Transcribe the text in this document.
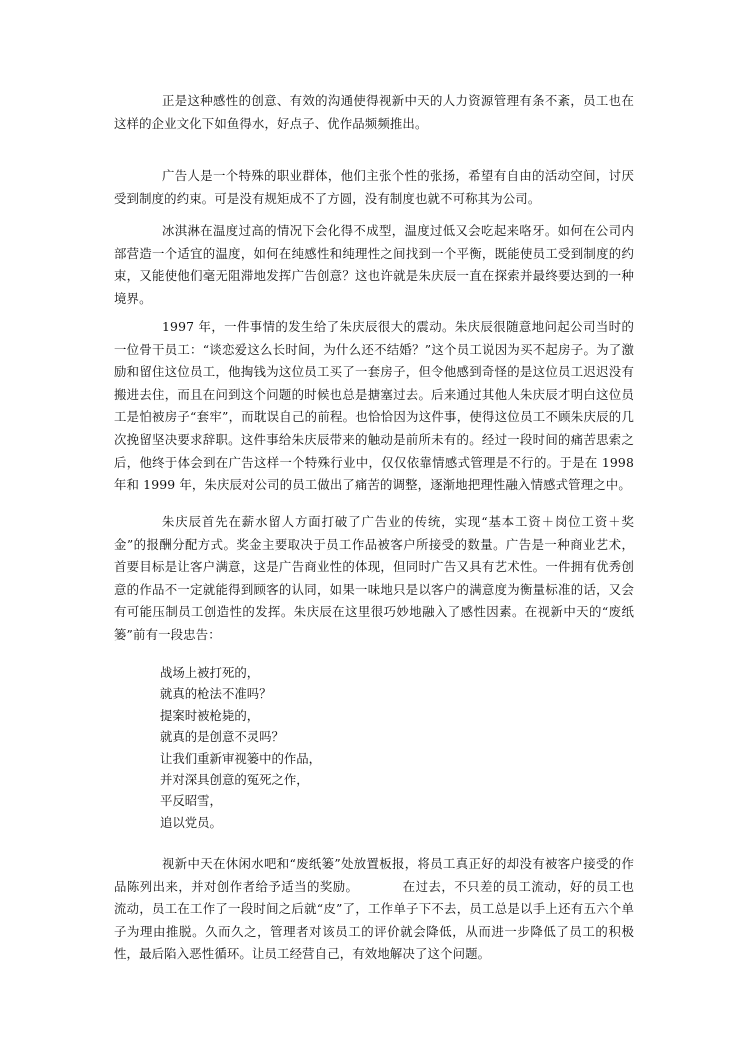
正是这种感性的创意、有效的沟通使得视新中天的人力资源管理有条不紊，员工也在这样的企业文化下如鱼得水，好点子、优作品频频推出。

广告人是一个特殊的职业群体，他们主张个性的张扬，希望有自由的活动空间，讨厌受到制度的约束。可是没有规矩成不了方圆，没有制度也就不可称其为公司。

冰淇淋在温度过高的情况下会化得不成型，温度过低又会吃起来咯牙。如何在公司内部营造一个适宜的温度，如何在纯感性和纯理性之间找到一个平衡，既能使员工受到制度的约束，又能使他们毫无阻滞地发挥广告创意？这也许就是朱庆辰一直在探索并最终要达到的一种境界。

1997 年，一件事情的发生给了朱庆辰很大的震动。朱庆辰很随意地问起公司当时的一位骨干员工：“谈恋爱这么长时间，为什么还不结婚？”这个员工说因为买不起房子。为了激励和留住这位员工，他掏钱为这位员工买了一套房子，但令他感到奇怪的是这位员工迟迟没有搬进去住，而且在问到这个问题的时候也总是搪塞过去。后来通过其他人朱庆辰才明白这位员工是怕被房子“套牢”，而耽误自己的前程。也恰恰因为这件事，使得这位员工不顾朱庆辰的几次挽留坚决要求辞职。这件事给朱庆辰带来的触动是前所未有的。经过一段时间的痛苦思索之后，他终于体会到在广告这样一个特殊行业中，仅仅依靠情感式管理是不行的。于是在 1998 年和 1999 年，朱庆辰对公司的员工做出了痛苦的调整，逐渐地把理性融入情感式管理之中。

朱庆辰首先在薪水留人方面打破了广告业的传统，实现“基本工资＋岗位工资＋奖金”的报酬分配方式。奖金主要取决于员工作品被客户所接受的数量。广告是一种商业艺术，首要目标是让客户满意，这是广告商业性的体现，但同时广告又具有艺术性。一件拥有优秀创意的作品不一定就能得到顾客的认同，如果一味地只是以客户的满意度为衡量标准的话，又会有可能压制员工创造性的发挥。朱庆辰在这里很巧妙地融入了感性因素。在视新中天的“废纸篓”前有一段忠告：

战场上被打死的，
就真的枪法不准吗？
提案时被枪毙的，
就真的是创意不灵吗？
让我们重新审视篓中的作品，
并对深具创意的冤死之作，
平反昭雪，
追以党员。

视新中天在休闲水吧和“废纸篓”处放置板报，将员工真正好的却没有被客户接受的作品陈列出来，并对创作者给予适当的奖励。	在过去，不只差的员工流动，好的员工也流动，员工在工作了一段时间之后就“皮”了，工作单子下不去，员工总是以手上还有五六个单子为理由推脱。久而久之，管理者对该员工的评价就会降低，从而进一步降低了员工的积极性，最后陷入恶性循环。让员工经营自己，有效地解决了这个问题。
